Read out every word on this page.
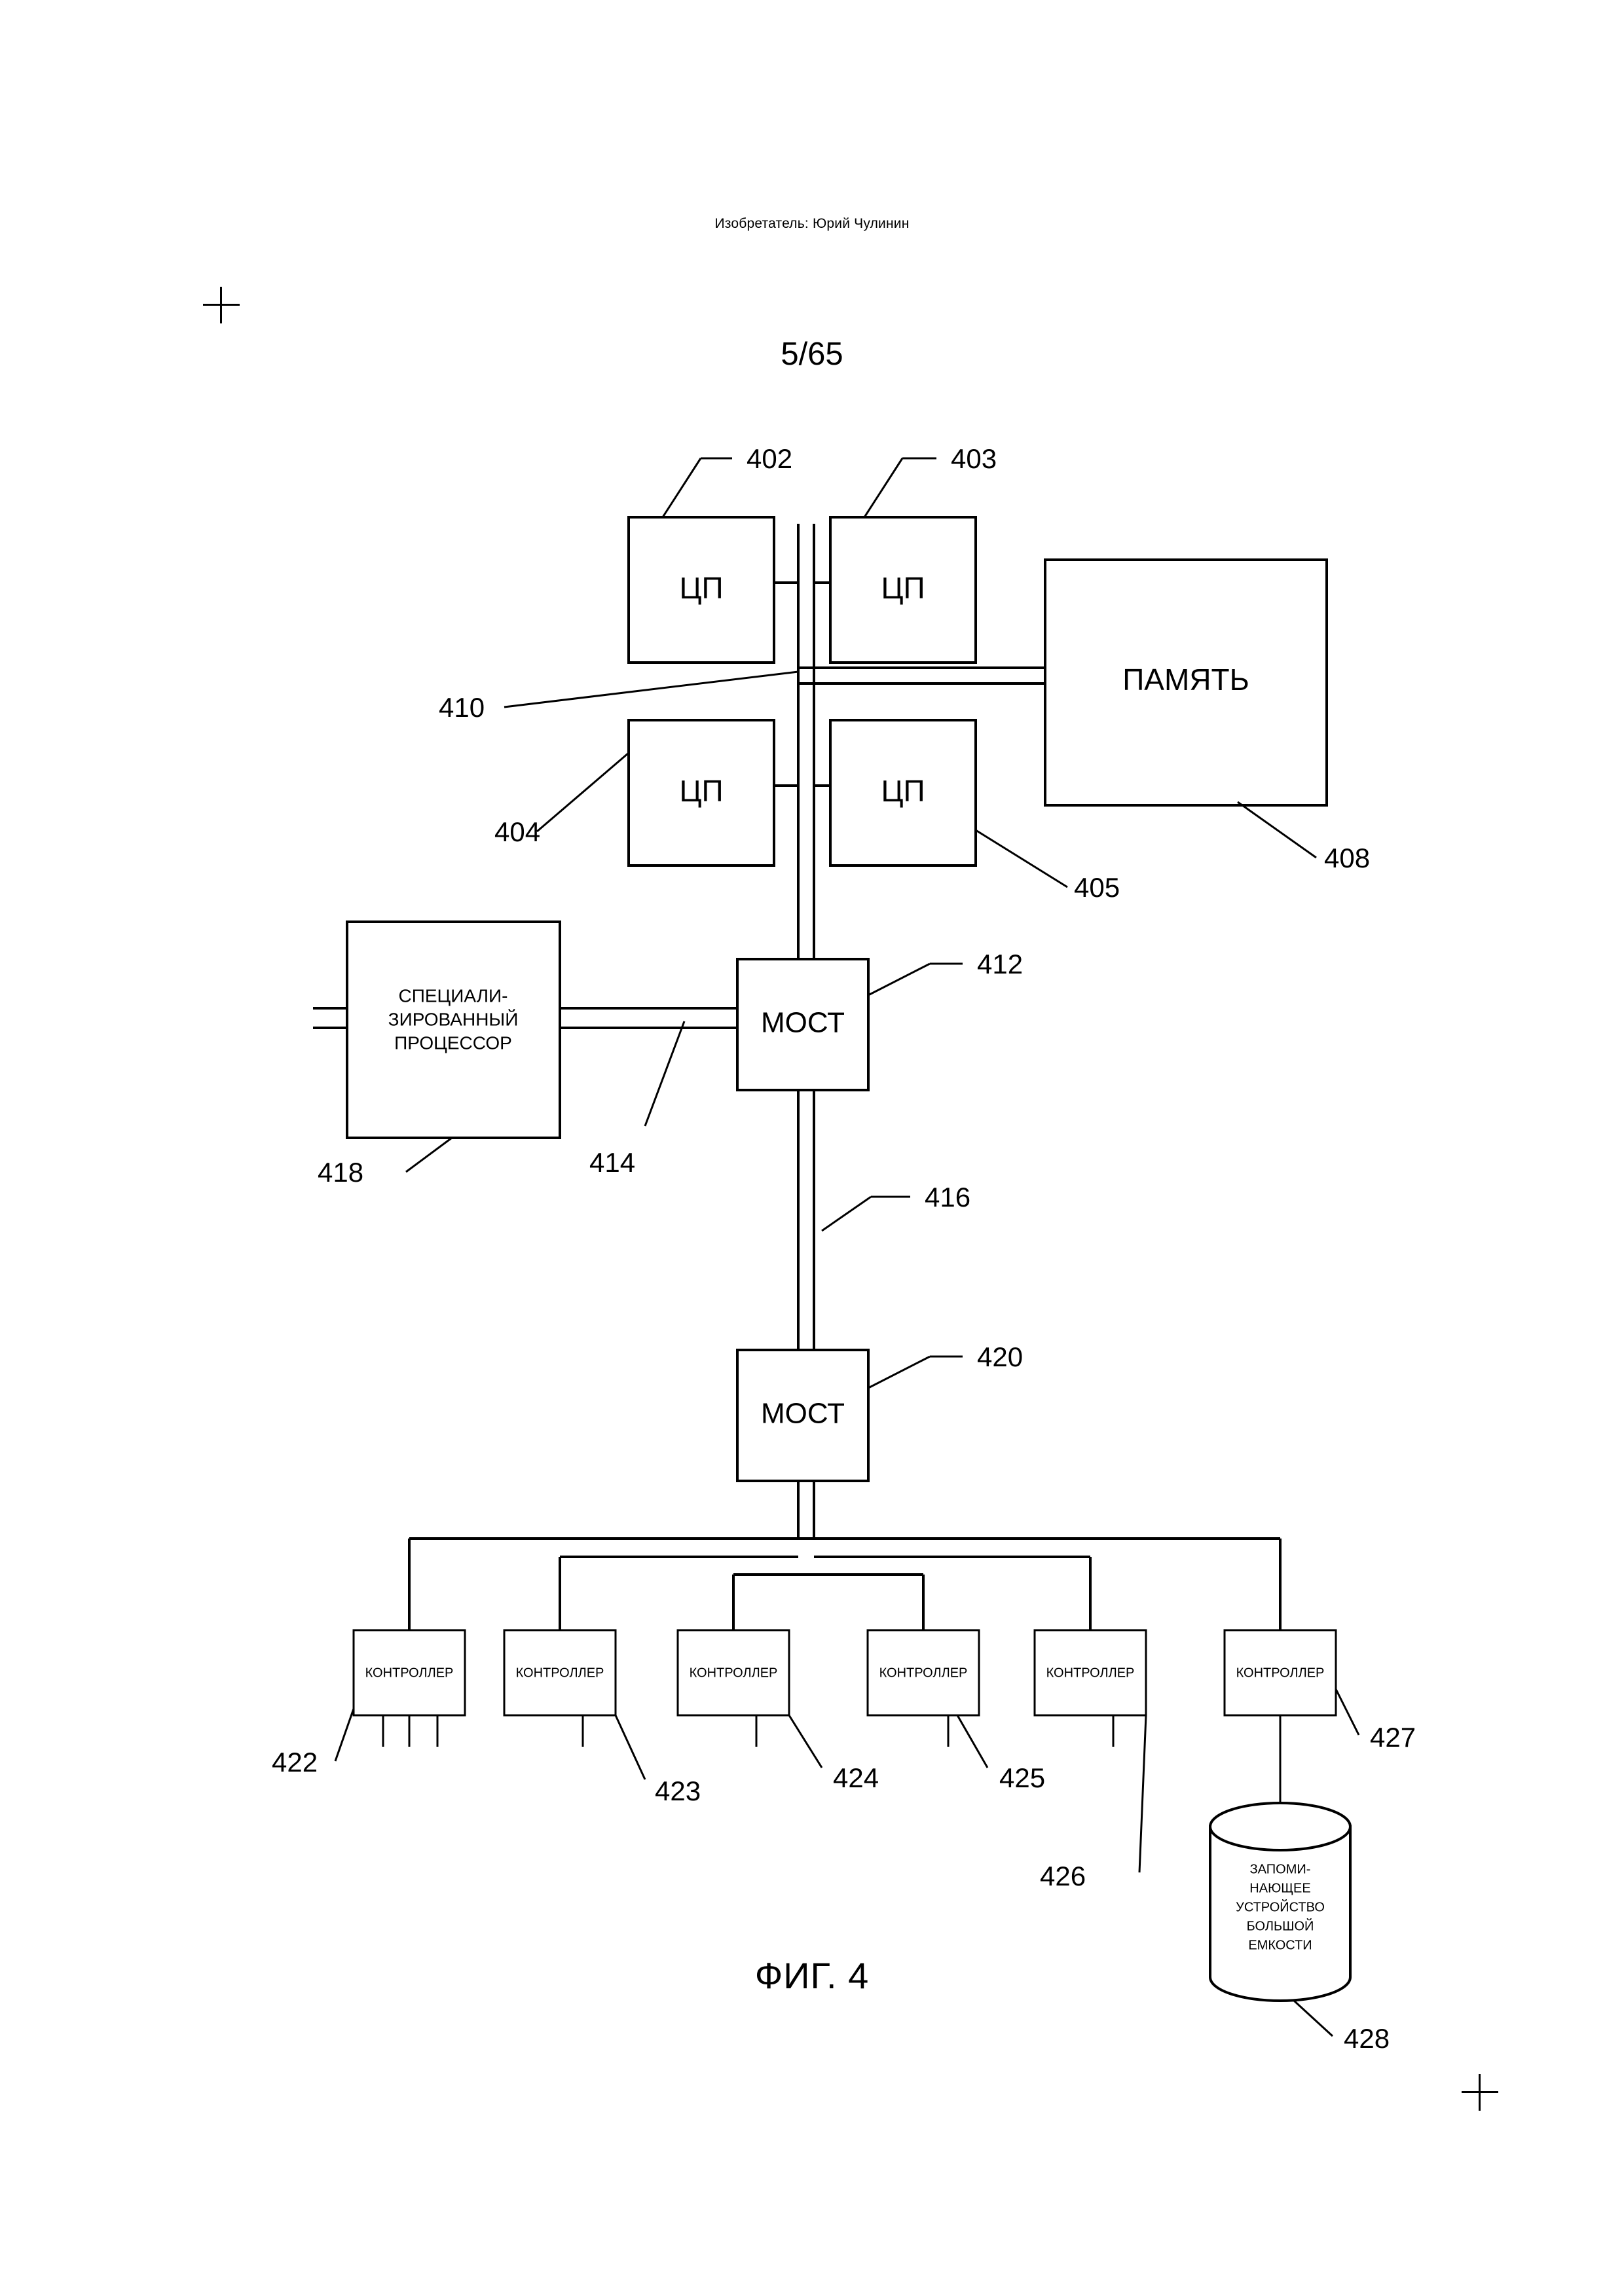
Изобретатель: Юрий Чулинин
5/65
ЦП	ЦП
ЦП	ЦП
ПАМЯТЬ
МОСТ
СПЕЦИАЛИ-
ЗИРОВАННЫЙ
ПРОЦЕССОР
МОСТ
КОНТРОЛЛЕР	КОНТРОЛЛЕР	КОНТРОЛЛЕР	КОНТРОЛЛЕР	КОНТРОЛЛЕР	КОНТРОЛЛЕР
ЗАПОМИ-
НАЮЩЕЕ
УСТРОЙСТВО
БОЛЬШОЙ
ЕМКОСТИ
402	403
410
404
405
408
412
414
418
416
420
422
423	424	425
426
427
428
ФИГ. 4
